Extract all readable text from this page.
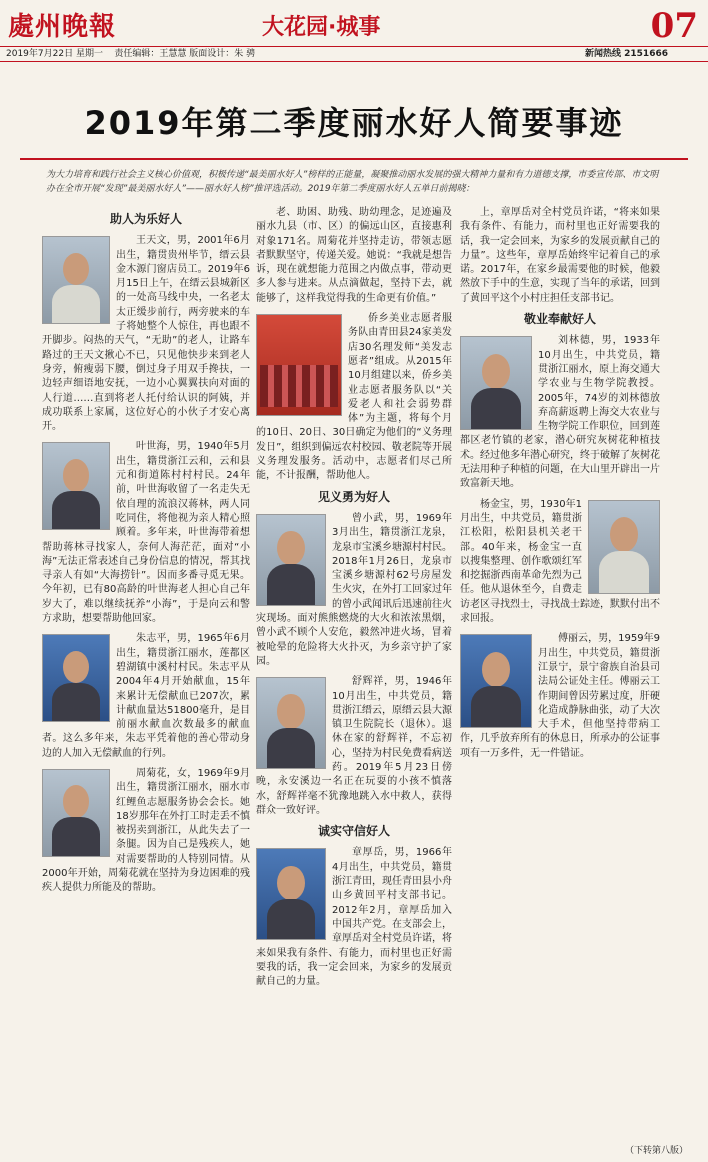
處州晚報	大花园·城事	07
2019年7月22日 星期一 责任编辑：王慧慧 版面设计：朱 骋	新闻热线 2151666
2019年第二季度丽水好人简要事迹
为大力培育和践行社会主义核心价值观，积极传递“最美丽水好人”榜样的正能量，凝聚推动丽水发展的强大精神力量和有力道德支撑，市委宣传部、市文明办在全市开展“发现”最美丽水好人”——丽水好人榜”推评选活动。2019年第二季度丽水好人五单日前揭晓：
助人为乐好人

王天文，男，2001年6月出生，籍贯贵州毕节，缙云县金木源门窗店员工。2019年6月15日上午，在缙云县城新区的一处高马线中央，一名老太太正缓步前行，两旁驶来的车子将她整个人惊住，再也跟不开脚步。闷热的天气，“无助”的老人，让路车路过的王天文揪心不已，只见他快步来到老人身旁，俯瘦弱下腰，倒过身子用双手搀扶，一边轻声细语地安抚，一边小心翼翼扶向对面的人行道……直到将老人托付给认识的阿姨，并成功联系上家属，这位好心的小伙子才安心离开。

叶世海，男，1940年5月出生，籍贯浙江云和，云和县元和街道陈村村村民。24年前，叶世海收留了一名走失无依自理的流浪汉蒋林，两人同吃同住，将他视为亲人精心照顾着。多年来，叶世海带着想帮助蒋林寻找家人，奈何人海茫茫，面对“小海”无法正常表述自己身份信息的情况，帮其找寻亲人有如“大海捞针”。因而多番寻觅无果。今年初，已有80高龄的叶世海老人担心自己年岁大了，难以继续抚养“小海”，于是向云和警方求助，想要帮助他回家。

朱志平，男，1965年6月出生，籍贯浙江丽水，莲都区碧湖镇中溪村村民。朱志平从2004年4月开始献血，15年来累计无偿献血已207次，累计献血量达51800毫升，是目前丽水献血次数最多的献血者。这么多年来，朱志平凭着他的善心带动身边的人加入无偿献血的行列。

周菊花，女，1969年9月出生，籍贯浙江丽水，丽水市红鲤鱼志愿服务协会会长。她18岁那年在外打工时走丢不慎被拐卖到浙江，从此失去了一条腿。因为自己是残疾人，她对需要帮助的人特别同情。从2000年开始，周菊花就在坚持为身边困难的残疾人提供力所能及的帮助。

老、助困、助残、助幼理念，足迹遍及丽水九县（市、区）的偏远山区，直接惠利对象171名。周菊花并坚持走访，带领志愿者默默坚守，传递关爱。她说：“我就是想告诉，现在就想能力范围之内做点事，带动更多人参与进来。从点滴做起，坚持下去，就能够了，这样我觉得我的生命更有价值。”

侨乡美业志愿者服务队由青田县24家美发店30名理发师“美发志愿者”组成。从2015年10月组建以来，侨乡美业志愿者服务队以“关爱老人和社会弱势群体”为主题，将每个月的10日、20日、30日确定为他们的“义务理发日”，组织到偏远农村校园、敬老院等开展义务理发服务。活动中，志愿者们尽己所能，不计报酬，帮助他人。

见义勇为好人

曾小武，男，1969年3月出生，籍贯浙江龙泉，龙泉市宝溪乡塘源村村民。2018年1月26日，龙泉市宝溪乡塘源村62号房屋发生火灾，在外打工回家过年的曾小武闻讯后迅速前往火灾现场。面对熊熊燃烧的大火和浓浓黑烟，曾小武不顾个人安危，毅然冲进火场，冒着被呛晕的危险将大火扑灭，为乡亲守护了家园。

舒辉祥，男，1946年10月出生，中共党员，籍贯浙江缙云，原缙云县大源镇卫生院院长（退休）。退休在家的舒辉祥，不忘初心，坚持为村民免费看病送药。2019年5月23日傍晚，永安溪边一名正在玩耍的小孩不慎落水，舒辉祥毫不犹豫地跳入水中救人，获得群众一致好评。

诚实守信好人

章厚岳，男，1966年4月出生，中共党员，籍贯浙江青田，现任青田县小舟山乡黄回平村支部书记。2012年2月，章厚岳加入中国共产党。在支部会上，章厚岳对全村党员许诺，将来如果我有条件、有能力，而村里也正好需要我的话，我一定会回来，为家乡的发展贡献自己的力量。

上，章厚岳对全村党员许诺，“将来如果我有条件、有能力，而村里也正好需要我的话，我一定会回来，为家乡的发展贡献自己的力量”。这些年，章厚岳始终牢记着自己的承诺。2017年，在家乡最需要他的时候，他毅然放下手中的生意，实现了当年的承诺，回到了黄回平这个小村庄担任支部书记。

敬业奉献好人

刘林德，男，1933年10月出生，中共党员，籍贯浙江丽水，原上海交通大学农业与生物学院教授。2005年，74岁的刘林德放弃高薪返聘上海交大农业与生物学院工作职位，回到莲都区老竹镇的老家，潜心研究灰树花种植技术。经过他多年潜心研究，终于破解了灰树花无法用种子种植的问题，在大山里开辟出一片致富新天地。

杨金宝，男，1930年1月出生，中共党员，籍贯浙江松阳，松阳县机关老干部。40年来，杨金宝一直以搜集整理、创作歌颂红军和挖掘浙西南革命先烈为己任。他从退休至今，自费走访老区寻找烈士，寻找战士踪迹，默默付出不求回报。

傅丽云，男，1959年9月出生，中共党员，籍贯浙江景宁，景宁畲族自治县司法局公证处主任。傅丽云工作期间曾因劳累过度，肝硬化造成静脉曲张，动了大次大手术，但他坚持带病工作，几乎放弃所有的休息日，所承办的公证事项有一万多件，无一件错证。

（下转第八版）
